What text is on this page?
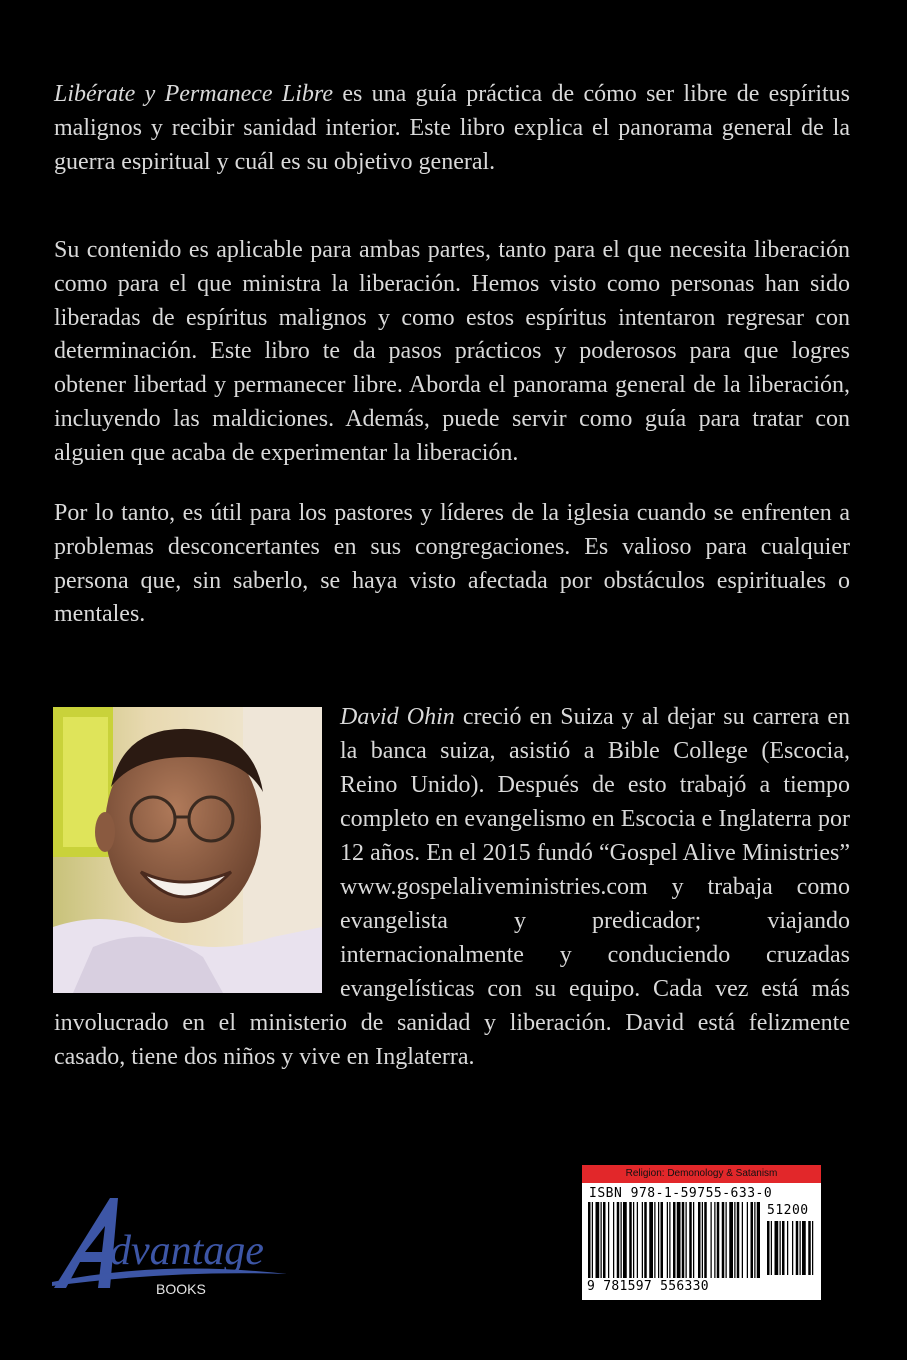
Libérate y Permanece Libre es una guía práctica de cómo ser libre de espíritus malignos y recibir sanidad interior. Este libro explica el panorama general de la guerra espiritual y cuál es su objetivo general.

Su contenido es aplicable para ambas partes, tanto para el que necesita liberación como para el que ministra la liberación. Hemos visto como personas han sido liberadas de espíritus malignos y como estos espíritus intentaron regresar con determinación. Este libro te da pasos prácticos y poderosos para que logres obtener libertad y permanecer libre. Aborda el panorama general de la liberación, incluyendo las maldiciones. Además, puede servir como guía para tratar con alguien que acaba de experimentar la liberación.

Por lo tanto, es útil para los pastores y líderes de la iglesia cuando se enfrenten a problemas desconcertantes en sus congregaciones. Es valioso para cualquier persona que, sin saberlo, se haya visto afectada por obstáculos espirituales o mentales.

David Ohin creció en Suiza y al dejar su carrera en la banca suiza, asistió a Bible College (Escocia, Reino Unido). Después de esto trabajó a tiempo completo en evangelismo en Escocia e Inglaterra por 12 años. En el 2015 fundó “Gospel Alive Ministries” www.gospelaliveministries.com y trabaja como evangelista y predicador; viajando internacionalmente y conduciendo cruzadas evangelísticas con su equipo. Cada vez está más involucrado en el ministerio de sanidad y liberación. David está felizmente casado, tiene dos niños y vive en Inglaterra.
dvantage
BOOKS
Religion: Demonology & Satanism
ISBN 978-1-59755-633-0
51200
9 781597 556330
